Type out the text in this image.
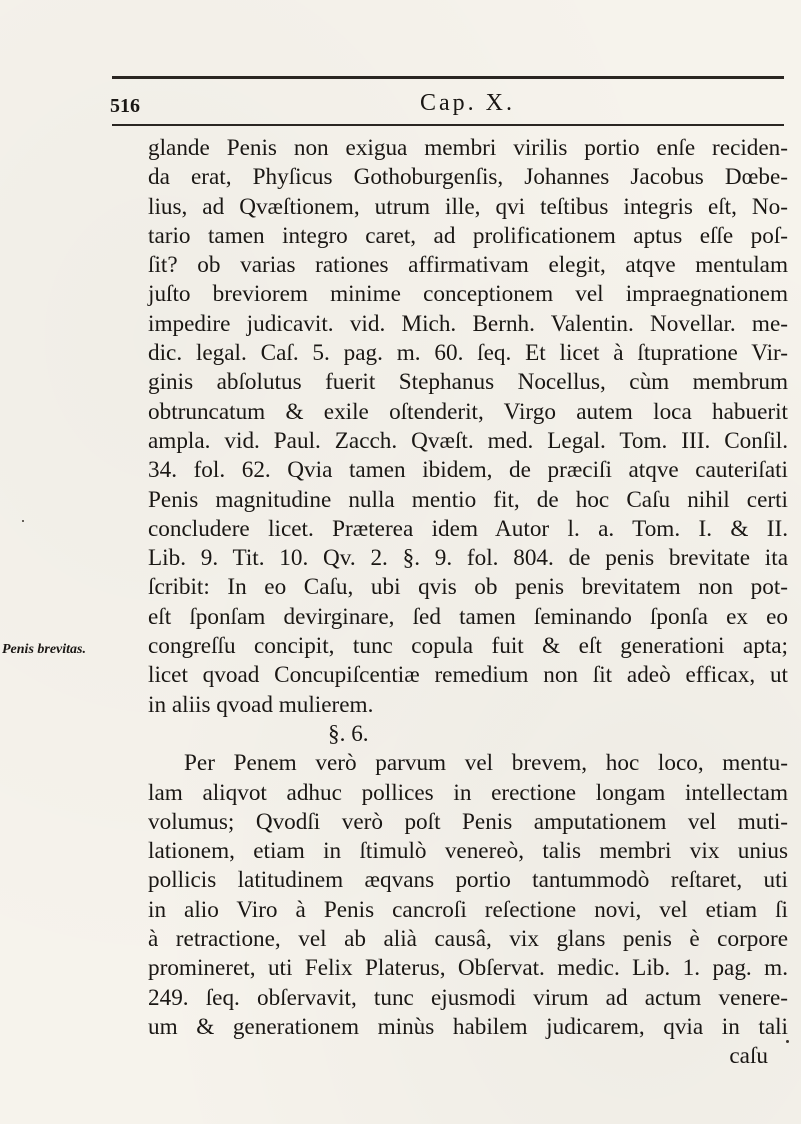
516	Cap. X.
Penis brevitas.
glande Penis non exigua membri virilis portio enſe reciden-
da erat, Phyſicus Gothoburgenſis, Johannes Jacobus Dœbe-
lius, ad Qvæſtionem, utrum ille, qvi teſtibus integris eſt, No-
tario tamen integro caret, ad prolificationem aptus eſſe poſ-
ſit? ob varias rationes affirmativam elegit, atqve mentulam
juſto breviorem minime conceptionem vel impraegnationem
impedire judicavit. vid. Mich. Bernh. Valentin. Novellar. me-
dic. legal. Caſ. 5. pag. m. 60. ſeq. Et licet à ſtupratione Vir-
ginis abſolutus fuerit Stephanus Nocellus, cùm membrum
obtruncatum & exile oſtenderit, Virgo autem loca habuerit
ampla. vid. Paul. Zacch. Qvæſt. med. Legal. Tom. III. Conſil.
34. fol. 62. Qvia tamen ibidem, de præciſi atqve cauteriſati
Penis magnitudine nulla mentio fit, de hoc Caſu nihil certi
concludere licet. Præterea idem Autor l. a. Tom. I. & II.
Lib. 9. Tit. 10. Qv. 2. §. 9. fol. 804. de penis brevitate ita
ſcribit: In eo Caſu, ubi qvis ob penis brevitatem non pot-
eſt ſponſam devirginare, ſed tamen ſeminando ſponſa ex eo
congreſſu concipit, tunc copula fuit & eſt generationi apta;
licet qvoad Concupiſcentiæ remedium non ſit adeò efficax, ut
in aliis qvoad mulierem.
§. 6.
Per Penem verò parvum vel brevem, hoc loco, mentu-
lam aliqvot adhuc pollices in erectione longam intellectam
volumus; Qvodſi verò poſt Penis amputationem vel muti-
lationem, etiam in ſtimulò venereò, talis membri vix unius
pollicis latitudinem æqvans portio tantummodò reſtaret, uti
in alio Viro à Penis cancroſi reſectione novi, vel etiam ſi
à retractione, vel ab alià causâ, vix glans penis è corpore
promineret, uti Felix Platerus, Obſervat. medic. Lib. 1. pag. m.
249. ſeq. obſervavit, tunc ejusmodi virum ad actum venere-
um & generationem minùs habilem judicarem, qvia in tali
caſu
